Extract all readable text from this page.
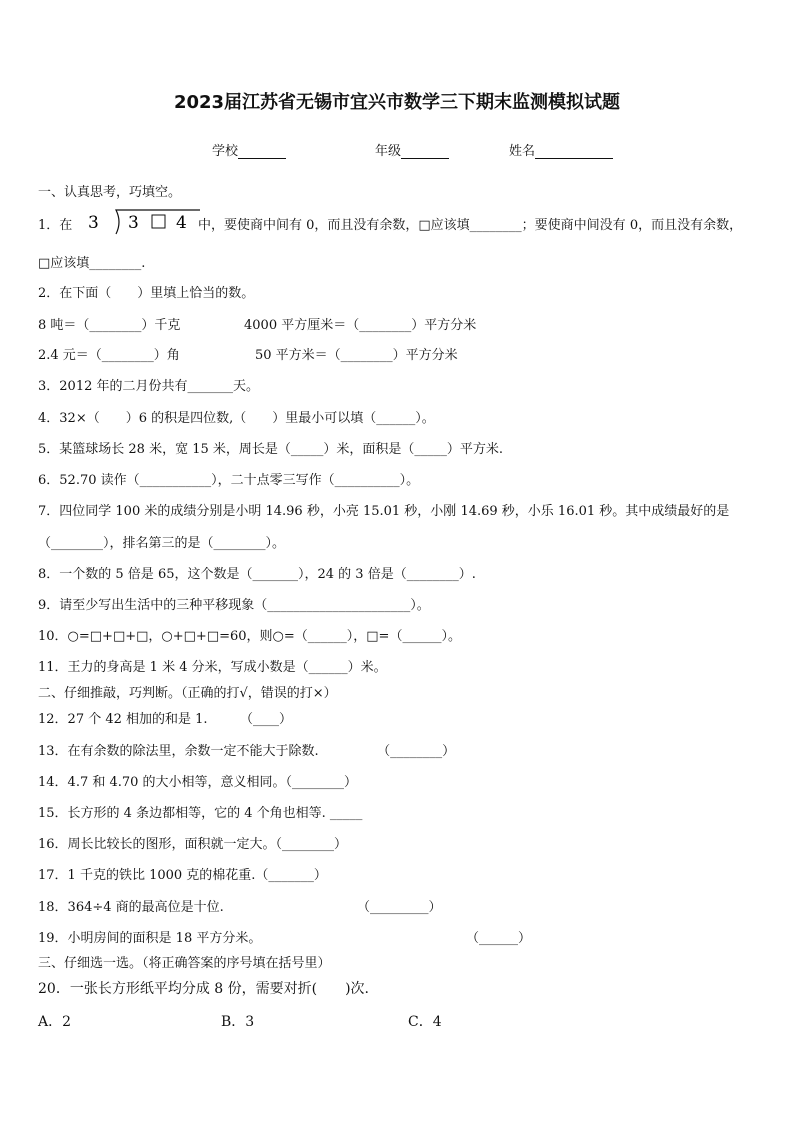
2023届江苏省无锡市宜兴市数学三下期末监测模拟试题
学校	年级	姓名
一、认真思考，巧填空。
1．在 3 3 4 中，要使商中间有 0，而且没有余数，□应该填________；要使商中间没有 0，而且没有余数，
□应该填________.
2．在下面（　　）里填上恰当的数。
8 吨＝（________）千克	4000 平方厘米＝（________）平方分米
2.4 元＝（________）角	50 平方米＝（________）平方分米
3．2012 年的二月份共有_______天。
4．32×（　　）6 的积是四位数,（　　）里最小可以填（______）。
5．某篮球场长 28 米，宽 15 米，周长是（_____）米，面积是（_____）平方米.
6．52.70 读作（___________），二十点零三写作（__________）。
7．四位同学 100 米的成绩分别是小明 14.96 秒，小亮 15.01 秒，小刚 14.69 秒，小乐 16.01 秒。其中成绩最好的是
（________），排名第三的是（________）。
8．一个数的 5 倍是 65，这个数是（_______），24 的 3 倍是（________）.
9．请至少写出生活中的三种平移现象（______________________）。
10．○=□+□+□，○+□+□=60，则○=（______），□=（______）。
11．王力的身高是 1 米 4 分米，写成小数是（______）米。
二、仔细推敲，巧判断。（正确的打√，错误的打×）
12．27 个 42 相加的和是 1.　　　（____）
13．在有余数的除法里，余数一定不能大于除数.　　　　　（________）
14．4.7 和 4.70 的大小相等，意义相同。（________）
15．长方形的 4 条边都相等，它的 4 个角也相等. _____
16．周长比较长的图形，面积就一定大。（________）
17．1 千克的铁比 1000 克的棉花重.（_______）
18．364÷4 商的最高位是十位.	（_________）
19．小明房间的面积是 18 平方分米。	（______）
三、仔细选一选。（将正确答案的序号填在括号里）
20．一张长方形纸平均分成 8 份，需要对折(　　)次.
A．2	B．3	C．4
